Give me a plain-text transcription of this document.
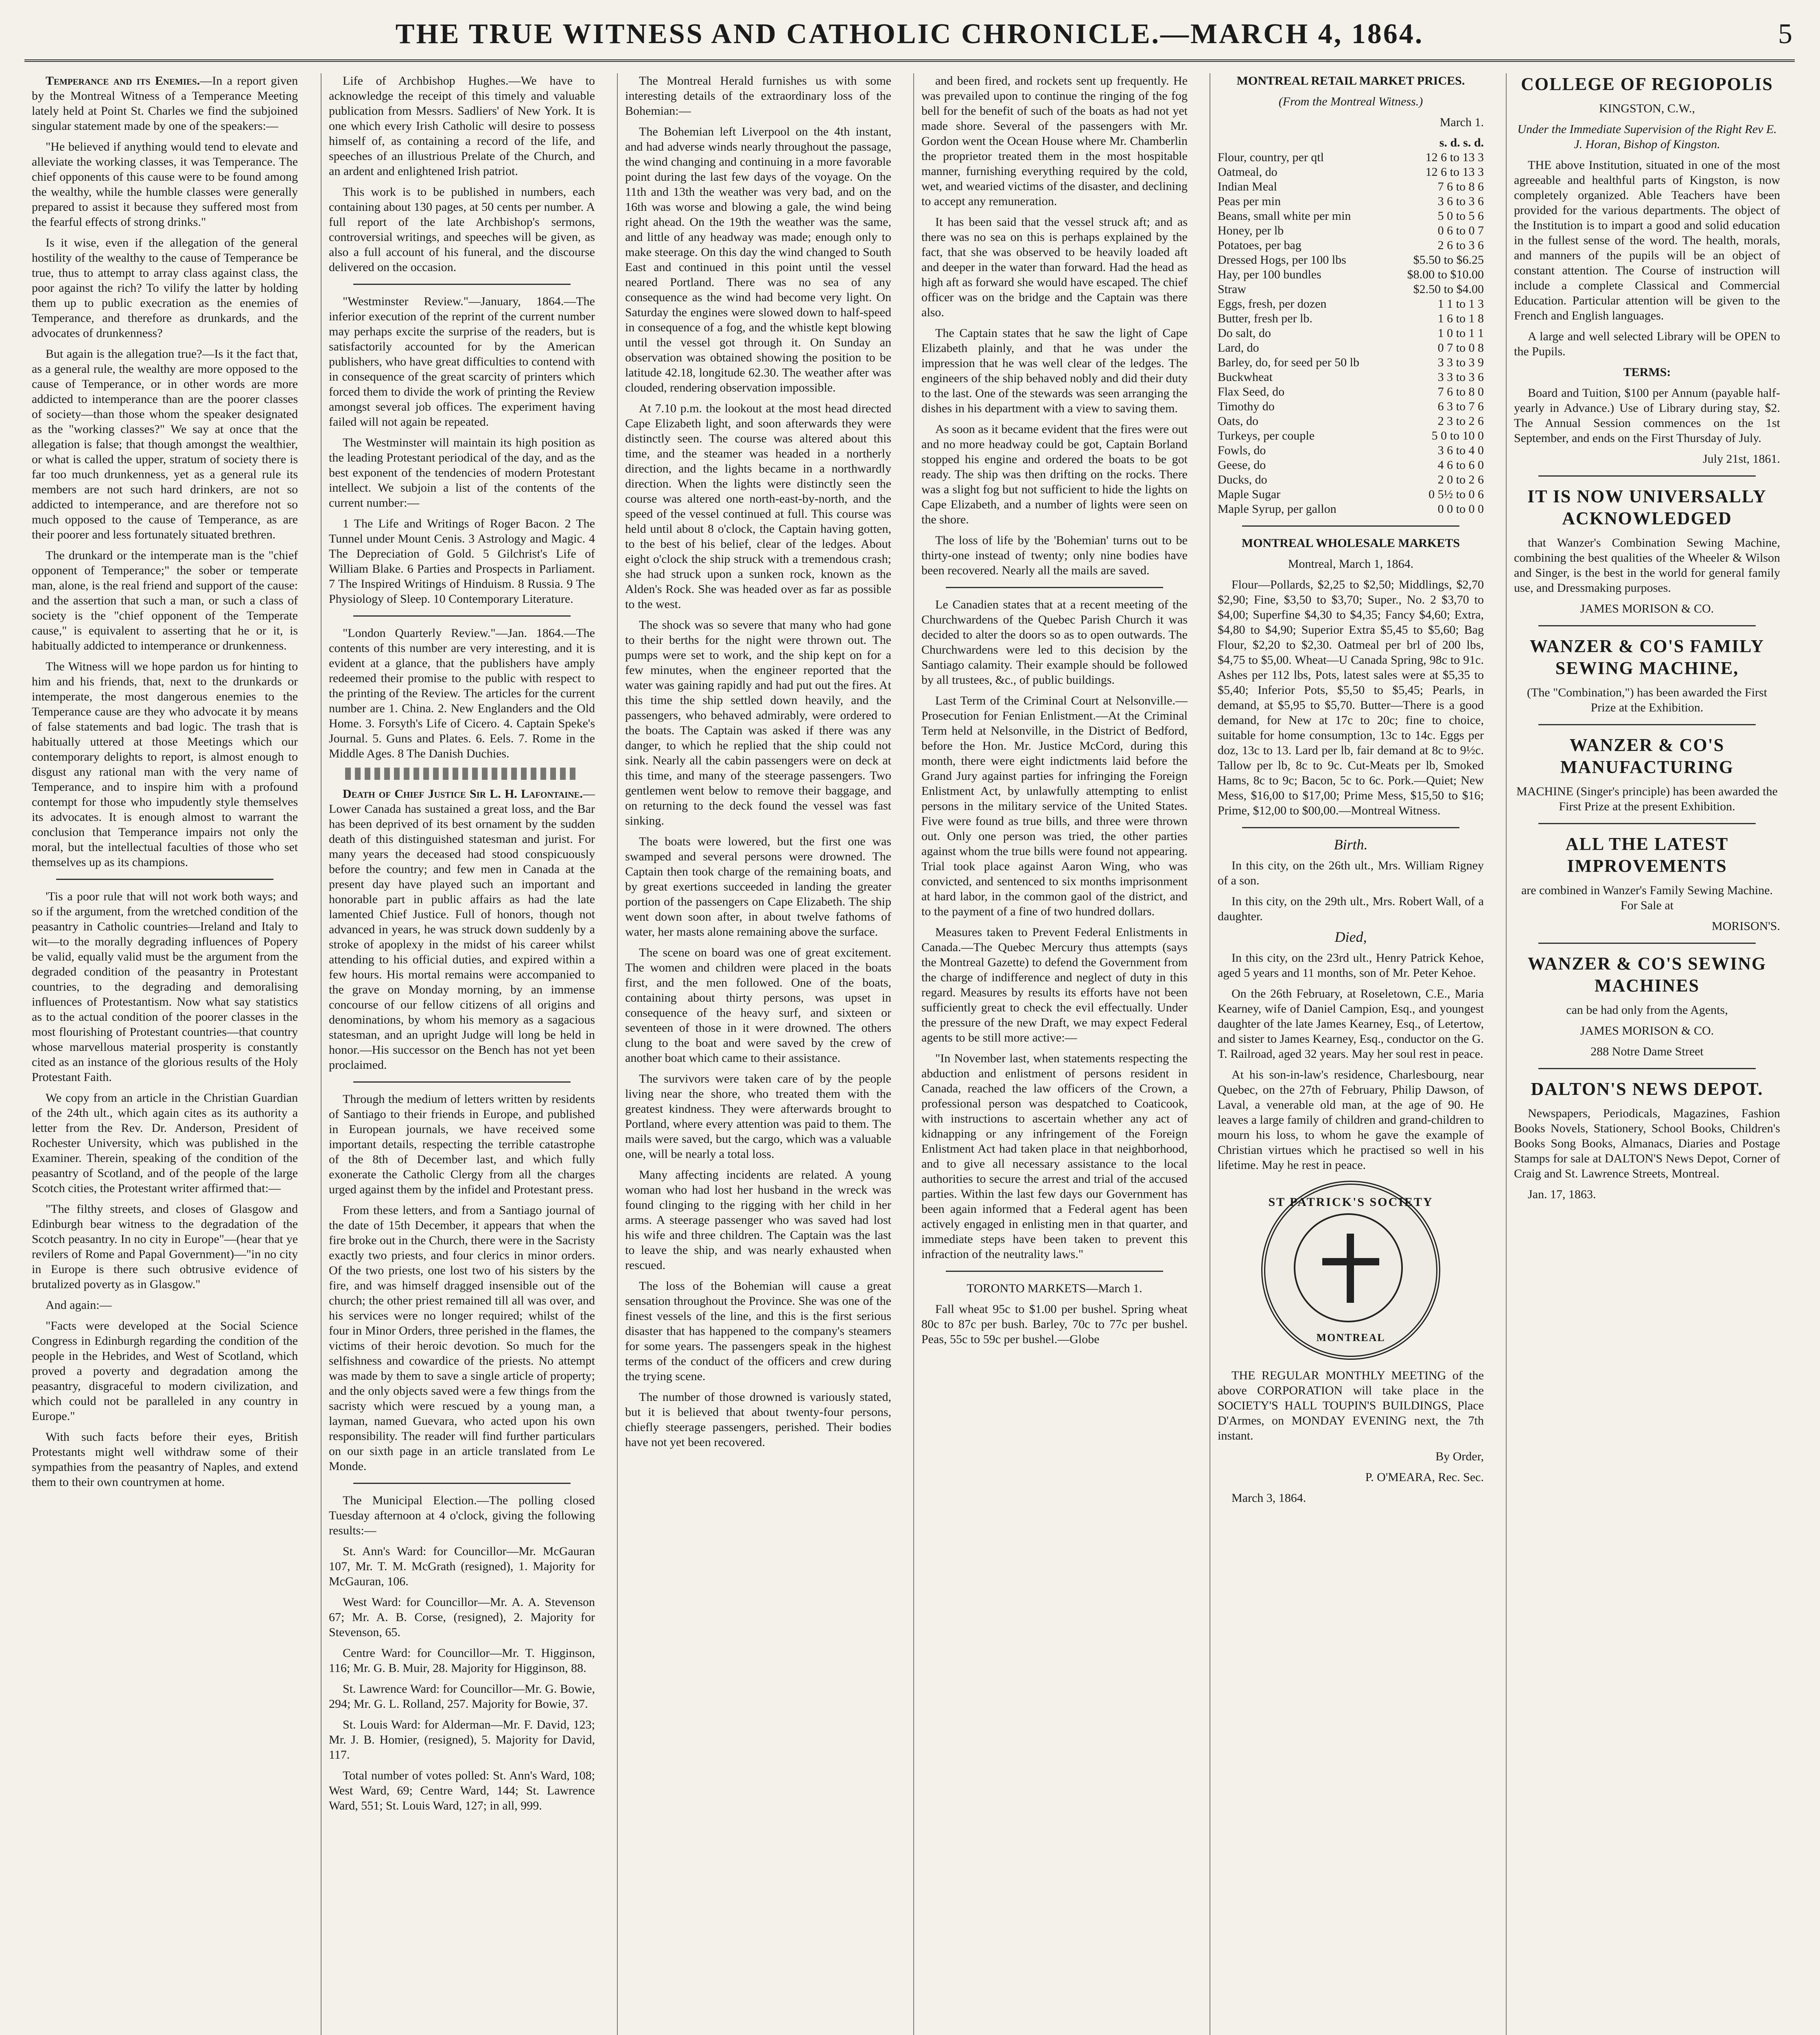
THE TRUE WITNESS AND CATHOLIC CHRONICLE.—MARCH 4, 1864.	5

Temperance and its Enemies.—In a report given by the Montreal Witness of a Temperance Meeting lately held at Point St. Charles we find the subjoined singular statement made by one of the speakers:—

"He believed if anything would tend to elevate and alleviate the working classes, it was Temperance. The chief opponents of this cause were to be found among the wealthy, while the humble classes were generally prepared to assist it because they suffered most from the fearful effects of strong drinks."

Is it wise, even if the allegation of the general hostility of the wealthy to the cause of Temperance be true, thus to attempt to array class against class, the poor against the rich? To vilify the latter by holding them up to public execration as the enemies of Temperance, and therefore as drunkards, and the advocates of drunkenness?

But again is the allegation true?—Is it the fact that, as a general rule, the wealthy are more opposed to the cause of Temperance, or in other words are more addicted to intemperance than are the poorer classes of society—than those whom the speaker designated as the "working classes?" We say at once that the allegation is false; that though amongst the wealthier, or what is called the upper, stratum of society there is far too much drunkenness, yet as a general rule its members are not such hard drinkers, are not so addicted to intemperance, and are therefore not so much opposed to the cause of Temperance, as are their poorer and less fortunately situated brethren.

The drunkard or the intemperate man is the "chief opponent of Temperance;" the sober or temperate man, alone, is the real friend and support of the cause: and the assertion that such a man, or such a class of society is the "chief opponent of the Temperate cause," is equivalent to asserting that he or it, is habitually addicted to intemperance or drunkenness.

The Witness will we hope pardon us for hinting to him and his friends, that, next to the drunkards or intemperate, the most dangerous enemies to the Temperance cause are they who advocate it by means of false statements and bad logic. The trash that is habitually uttered at those Meetings which our contemporary delights to report, is almost enough to disgust any rational man with the very name of Temperance, and to inspire him with a profound contempt for those who impudently style themselves its advocates. It is enough almost to warrant the conclusion that Temperance impairs not only the moral, but the intellectual faculties of those who set themselves up as its champions.

'Tis a poor rule that will not work both ways; and so if the argument, from the wretched condition of the peasantry in Catholic countries—Ireland and Italy to wit—to the morally degrading influences of Popery be valid, equally valid must be the argument from the degraded condition of the peasantry in Protestant countries, to the degrading and demoralising influences of Protestantism. Now what say statistics as to the actual condition of the poorer classes in the most flourishing of Protestant countries—that country whose marvellous material prosperity is constantly cited as an instance of the glorious results of the Holy Protestant Faith.

We copy from an article in the Christian Guardian of the 24th ult., which again cites as its authority a letter from the Rev. Dr. Anderson, President of Rochester University, which was published in the Examiner. Therein, speaking of the condition of the peasantry of Scotland, and of the people of the large Scotch cities, the Protestant writer affirmed that:—

"The filthy streets, and closes of Glasgow and Edinburgh bear witness to the degradation of the Scotch peasantry. In no city in Europe"—(hear that ye revilers of Rome and Papal Government)—"in no city in Europe is there such obtrusive evidence of brutalized poverty as in Glasgow."

And again:—

"Facts were developed at the Social Science Congress in Edinburgh regarding the condition of the people in the Hebrides, and West of Scotland, which proved a poverty and degradation among the peasantry, disgraceful to modern civilization, and which could not be paralleled in any country in Europe."

With such facts before their eyes, British Protestants might well withdraw some of their sympathies from the peasantry of Naples, and extend them to their own countrymen at home.

Life of Archbishop Hughes.—We have to acknowledge the receipt of this timely and valuable publication from Messrs. Sadliers' of New York. It is one which every Irish Catholic will desire to possess himself of, as containing a record of the life, and speeches of an illustrious Prelate of the Church, and an ardent and enlightened Irish patriot.

This work is to be published in numbers, each containing about 130 pages, at 50 cents per number. A full report of the late Archbishop's sermons, controversial writings, and speeches will be given, as also a full account of his funeral, and the discourse delivered on the occasion.

"Westminster Review."—January, 1864.—The inferior execution of the reprint of the current number may perhaps excite the surprise of the readers, but is satisfactorily accounted for by the American publishers, who have great difficulties to contend with in consequence of the great scarcity of printers which forced them to divide the work of printing the Review amongst several job offices. The experiment having failed will not again be repeated.

The Westminster will maintain its high position as the leading Protestant periodical of the day, and as the best exponent of the tendencies of modern Protestant intellect. We subjoin a list of the contents of the current number:—

1 The Life and Writings of Roger Bacon. 2 The Tunnel under Mount Cenis. 3 Astrology and Magic. 4 The Depreciation of Gold. 5 Gilchrist's Life of William Blake. 6 Parties and Prospects in Parliament. 7 The Inspired Writings of Hinduism. 8 Russia. 9 The Physiology of Sleep. 10 Contemporary Literature.

"London Quarterly Review."—Jan. 1864.—The contents of this number are very interesting, and it is evident at a glance, that the publishers have amply redeemed their promise to the public with respect to the printing of the Review. The articles for the current number are 1. China. 2. New Englanders and the Old Home. 3. Forsyth's Life of Cicero. 4. Captain Speke's Journal. 5. Guns and Plates. 6. Eels. 7. Rome in the Middle Ages. 8 The Danish Duchies.

Death of Chief Justice Sir L. H. Lafontaine.—Lower Canada has sustained a great loss, and the Bar has been deprived of its best ornament by the sudden death of this distinguished statesman and jurist. For many years the deceased had stood conspicuously before the country; and few men in Canada at the present day have played such an important and honorable part in public affairs as had the late lamented Chief Justice. Full of honors, though not advanced in years, he was struck down suddenly by a stroke of apoplexy in the midst of his career whilst attending to his official duties, and expired within a few hours. His mortal remains were accompanied to the grave on Monday morning, by an immense concourse of our fellow citizens of all origins and denominations, by whom his memory as a sagacious statesman, and an upright Judge will long be held in honor.—His successor on the Bench has not yet been proclaimed.

Through the medium of letters written by residents of Santiago to their friends in Europe, and published in European journals, we have received some important details, respecting the terrible catastrophe of the 8th of December last, and which fully exonerate the Catholic Clergy from all the charges urged against them by the infidel and Protestant press.

From these letters, and from a Santiago journal of the date of 15th December, it appears that when the fire broke out in the Church, there were in the Sacristy exactly two priests, and four clerics in minor orders. Of the two priests, one lost two of his sisters by the fire, and was himself dragged insensible out of the church; the other priest remained till all was over, and his services were no longer required; whilst of the four in Minor Orders, three perished in the flames, the victims of their heroic devotion. So much for the selfishness and cowardice of the priests. No attempt was made by them to save a single article of property; and the only objects saved were a few things from the sacristy which were rescued by a young man, a layman, named Guevara, who acted upon his own responsibility. The reader will find further particulars on our sixth page in an article translated from Le Monde.

The Municipal Election.—The polling closed Tuesday afternoon at 4 o'clock, giving the following results:—

St. Ann's Ward: for Councillor—Mr. McGauran 107, Mr. T. M. McGrath (resigned), 1. Majority for McGauran, 106.

West Ward: for Councillor—Mr. A. A. Stevenson 67; Mr. A. B. Corse, (resigned), 2. Majority for Stevenson, 65.

Centre Ward: for Councillor—Mr. T. Higginson, 116; Mr. G. B. Muir, 28. Majority for Higginson, 88.

St. Lawrence Ward: for Councillor—Mr. G. Bowie, 294; Mr. G. L. Rolland, 257. Majority for Bowie, 37.

St. Louis Ward: for Alderman—Mr. F. David, 123; Mr. J. B. Homier, (resigned), 5. Majority for David, 117.

Total number of votes polled: St. Ann's Ward, 108; West Ward, 69; Centre Ward, 144; St. Lawrence Ward, 551; St. Louis Ward, 127; in all, 999.

The Montreal Herald furnishes us with some interesting details of the extraordinary loss of the Bohemian:—

The Bohemian left Liverpool on the 4th instant, and had adverse winds nearly throughout the passage, the wind changing and continuing in a more favorable point during the last few days of the voyage. On the 11th and 13th the weather was very bad, and on the 16th was worse and blowing a gale, the wind being right ahead. On the 19th the weather was the same, and little of any headway was made; enough only to make steerage. On this day the wind changed to South East and continued in this point until the vessel neared Portland. There was no sea of any consequence as the wind had become very light. On Saturday the engines were slowed down to half-speed in consequence of a fog, and the whistle kept blowing until the vessel got through it. On Sunday an observation was obtained showing the position to be latitude 42.18, longitude 62.30. The weather after was clouded, rendering observation impossible.

At 7.10 p.m. the lookout at the most head directed Cape Elizabeth light, and soon afterwards they were distinctly seen. The course was altered about this time, and the steamer was headed in a northerly direction, and the lights became in a northwardly direction. When the lights were distinctly seen the course was altered one north-east-by-north, and the speed of the vessel continued at full. This course was held until about 8 o'clock, the Captain having gotten, to the best of his belief, clear of the ledges. About eight o'clock the ship struck with a tremendous crash; she had struck upon a sunken rock, known as the Alden's Rock. She was headed over as far as possible to the west.

The shock was so severe that many who had gone to their berths for the night were thrown out. The pumps were set to work, and the ship kept on for a few minutes, when the engineer reported that the water was gaining rapidly and had put out the fires. At this time the ship settled down heavily, and the passengers, who behaved admirably, were ordered to the boats. The Captain was asked if there was any danger, to which he replied that the ship could not sink. Nearly all the cabin passengers were on deck at this time, and many of the steerage passengers. Two gentlemen went below to remove their baggage, and on returning to the deck found the vessel was fast sinking.

The boats were lowered, but the first one was swamped and several persons were drowned. The Captain then took charge of the remaining boats, and by great exertions succeeded in landing the greater portion of the passengers on Cape Elizabeth. The ship went down soon after, in about twelve fathoms of water, her masts alone remaining above the surface.

The scene on board was one of great excitement. The women and children were placed in the boats first, and the men followed. One of the boats, containing about thirty persons, was upset in consequence of the heavy surf, and sixteen or seventeen of those in it were drowned. The others clung to the boat and were saved by the crew of another boat which came to their assistance.

The survivors were taken care of by the people living near the shore, who treated them with the greatest kindness. They were afterwards brought to Portland, where every attention was paid to them. The mails were saved, but the cargo, which was a valuable one, will be nearly a total loss.

Many affecting incidents are related. A young woman who had lost her husband in the wreck was found clinging to the rigging with her child in her arms. A steerage passenger who was saved had lost his wife and three children. The Captain was the last to leave the ship, and was nearly exhausted when rescued.

The loss of the Bohemian will cause a great sensation throughout the Province. She was one of the finest vessels of the line, and this is the first serious disaster that has happened to the company's steamers for some years. The passengers speak in the highest terms of the conduct of the officers and crew during the trying scene.

The number of those drowned is variously stated, but it is believed that about twenty-four persons, chiefly steerage passengers, perished. Their bodies have not yet been recovered.

and been fired, and rockets sent up frequently. He was prevailed upon to continue the ringing of the fog bell for the benefit of such of the boats as had not yet made shore. Several of the passengers with Mr. Gordon went the Ocean House where Mr. Chamberlin the proprietor treated them in the most hospitable manner, furnishing everything required by the cold, wet, and wearied victims of the disaster, and declining to accept any remuneration.

It has been said that the vessel struck aft; and as there was no sea on this is perhaps explained by the fact, that she was observed to be heavily loaded aft and deeper in the water than forward. Had the head as high aft as forward she would have escaped. The chief officer was on the bridge and the Captain was there also.

The Captain states that he saw the light of Cape Elizabeth plainly, and that he was under the impression that he was well clear of the ledges. The engineers of the ship behaved nobly and did their duty to the last. One of the stewards was seen arranging the dishes in his department with a view to saving them.

As soon as it became evident that the fires were out and no more headway could be got, Captain Borland stopped his engine and ordered the boats to be got ready. The ship was then drifting on the rocks. There was a slight fog but not sufficient to hide the lights on Cape Elizabeth, and a number of lights were seen on the shore.

The loss of life by the 'Bohemian' turns out to be thirty-one instead of twenty; only nine bodies have been recovered. Nearly all the mails are saved.

Le Canadien states that at a recent meeting of the Churchwardens of the Quebec Parish Church it was decided to alter the doors so as to open outwards. The Churchwardens were led to this decision by the Santiago calamity. Their example should be followed by all trustees, &c., of public buildings.

Last Term of the Criminal Court at Nelsonville.—Prosecution for Fenian Enlistment.—At the Criminal Term held at Nelsonville, in the District of Bedford, before the Hon. Mr. Justice McCord, during this month, there were eight indictments laid before the Grand Jury against parties for infringing the Foreign Enlistment Act, by unlawfully attempting to enlist persons in the military service of the United States. Five were found as true bills, and three were thrown out. Only one person was tried, the other parties against whom the true bills were found not appearing. Trial took place against Aaron Wing, who was convicted, and sentenced to six months imprisonment at hard labor, in the common gaol of the district, and to the payment of a fine of two hundred dollars.

Measures taken to Prevent Federal Enlistments in Canada.—The Quebec Mercury thus attempts (says the Montreal Gazette) to defend the Government from the charge of indifference and neglect of duty in this regard. Measures by results its efforts have not been sufficiently great to check the evil effectually. Under the pressure of the new Draft, we may expect Federal agents to be still more active:—

"In November last, when statements respecting the abduction and enlistment of persons resident in Canada, reached the law officers of the Crown, a professional person was despatched to Coaticook, with instructions to ascertain whether any act of kidnapping or any infringement of the Foreign Enlistment Act had taken place in that neighborhood, and to give all necessary assistance to the local authorities to secure the arrest and trial of the accused parties. Within the last few days our Government has been again informed that a Federal agent has been actively engaged in enlisting men in that quarter, and immediate steps have been taken to prevent this infraction of the neutrality laws."

TORONTO MARKETS—March 1.

Fall wheat 95c to $1.00 per bushel. Spring wheat 80c to 87c per bush. Barley, 70c to 77c per bushel. Peas, 55c to 59c per bushel.—Globe

MONTREAL RETAIL MARKET PRICES.

(From the Montreal Witness.)

March 1.

	s. d. s. d.
Flour, country, per qtl	12 6 to 13 3
Oatmeal, do	12 6 to 13 3
Indian Meal	7 6 to 8 6
Peas per min	3 6 to 3 6
Beans, small white per min	5 0 to 5 6
Honey, per lb	0 6 to 0 7
Potatoes, per bag	2 6 to 3 6
Dressed Hogs, per 100 lbs	$5.50 to $6.25
Hay, per 100 bundles	$8.00 to $10.00
Straw	$2.50 to $4.00
Eggs, fresh, per dozen	1 1 to 1 3
Butter, fresh per lb.	1 6 to 1 8
Do salt, do	1 0 to 1 1
Lard, do	0 7 to 0 8
Barley, do, for seed per 50 lb	3 3 to 3 9
Buckwheat	3 3 to 3 6
Flax Seed, do	7 6 to 8 0
Timothy do	6 3 to 7 6
Oats, do	2 3 to 2 6
Turkeys, per couple	5 0 to 10 0
Fowls, do	3 6 to 4 0
Geese, do	4 6 to 6 0
Ducks, do	2 0 to 2 6
Maple Sugar	0 5½ to 0 6
Maple Syrup, per gallon	0 0 to 0 0

MONTREAL WHOLESALE MARKETS

Montreal, March 1, 1864.

Flour—Pollards, $2,25 to $2,50; Middlings, $2,70 $2,90; Fine, $3,50 to $3,70; Super., No. 2 $3,70 to $4,00; Superfine $4,30 to $4,35; Fancy $4,60; Extra, $4,80 to $4,90; Superior Extra $5,45 to $5,60; Bag Flour, $2,20 to $2,30. Oatmeal per brl of 200 lbs, $4,75 to $5,00. Wheat—U Canada Spring, 98c to 91c. Ashes per 112 lbs, Pots, latest sales were at $5,35 to $5,40; Inferior Pots, $5,50 to $5,45; Pearls, in demand, at $5,95 to $5,70. Butter—There is a good demand, for New at 17c to 20c; fine to choice, suitable for home consumption, 13c to 14c. Eggs per doz, 13c to 13. Lard per lb, fair demand at 8c to 9½c. Tallow per lb, 8c to 9c. Cut-Meats per lb, Smoked Hams, 8c to 9c; Bacon, 5c to 6c. Pork.—Quiet; New Mess, $16,00 to $17,00; Prime Mess, $15,50 to $16; Prime, $12,00 to $00,00.—Montreal Witness.

Birth.

In this city, on the 26th ult., Mrs. William Rigney of a son.

In this city, on the 29th ult., Mrs. Robert Wall, of a daughter.

Died,

In this city, on the 23rd ult., Henry Patrick Kehoe, aged 5 years and 11 months, son of Mr. Peter Kehoe.

On the 26th February, at Roseletown, C.E., Maria Kearney, wife of Daniel Campion, Esq., and youngest daughter of the late James Kearney, Esq., of Letertow, and sister to James Kearney, Esq., conductor on the G. T. Railroad, aged 32 years. May her soul rest in peace.

At his son-in-law's residence, Charlesbourg, near Quebec, on the 27th of February, Philip Dawson, of Laval, a venerable old man, at the age of 90. He leaves a large family of children and grand-children to mourn his loss, to whom he gave the example of Christian virtues which he practised so well in his lifetime. May he rest in peace.

ST PATRICK'S SOCIETY
MONTREAL

THE REGULAR MONTHLY MEETING of the above CORPORATION will take place in the SOCIETY'S HALL TOUPIN'S BUILDINGS, Place D'Armes, on MONDAY EVENING next, the 7th instant.

By Order,

P. O'MEARA, Rec. Sec.

March 3, 1864.

COLLEGE OF REGIOPOLIS

KINGSTON, C.W.,

Under the Immediate Supervision of the Right Rev E. J. Horan, Bishop of Kingston.

THE above Institution, situated in one of the most agreeable and healthful parts of Kingston, is now completely organized. Able Teachers have been provided for the various departments. The object of the Institution is to impart a good and solid education in the fullest sense of the word. The health, morals, and manners of the pupils will be an object of constant attention. The Course of instruction will include a complete Classical and Commercial Education. Particular attention will be given to the French and English languages.

A large and well selected Library will be OPEN to the Pupils.

TERMS:

Board and Tuition, $100 per Annum (payable half-yearly in Advance.) Use of Library during stay, $2. The Annual Session commences on the 1st September, and ends on the First Thursday of July.

July 21st, 1861.

IT IS NOW UNIVERSALLY ACKNOWLEDGED

that Wanzer's Combination Sewing Machine, combining the best qualities of the Wheeler & Wilson and Singer, is the best in the world for general family use, and Dressmaking purposes.

JAMES MORISON & CO.

WANZER & CO'S FAMILY SEWING MACHINE,

(The "Combination,") has been awarded the First Prize at the Exhibition.

WANZER & CO'S MANUFACTURING

MACHINE (Singer's principle) has been awarded the First Prize at the present Exhibition.

ALL THE LATEST IMPROVEMENTS

are combined in Wanzer's Family Sewing Machine. For Sale at

MORISON'S.

WANZER & CO'S SEWING MACHINES

can be had only from the Agents,

JAMES MORISON & CO.

288 Notre Dame Street

DALTON'S NEWS DEPOT.

Newspapers, Periodicals, Magazines, Fashion Books Novels, Stationery, School Books, Children's Books Song Books, Almanacs, Diaries and Postage Stamps for sale at DALTON'S News Depot, Corner of Craig and St. Lawrence Streets, Montreal.

Jan. 17, 1863.
